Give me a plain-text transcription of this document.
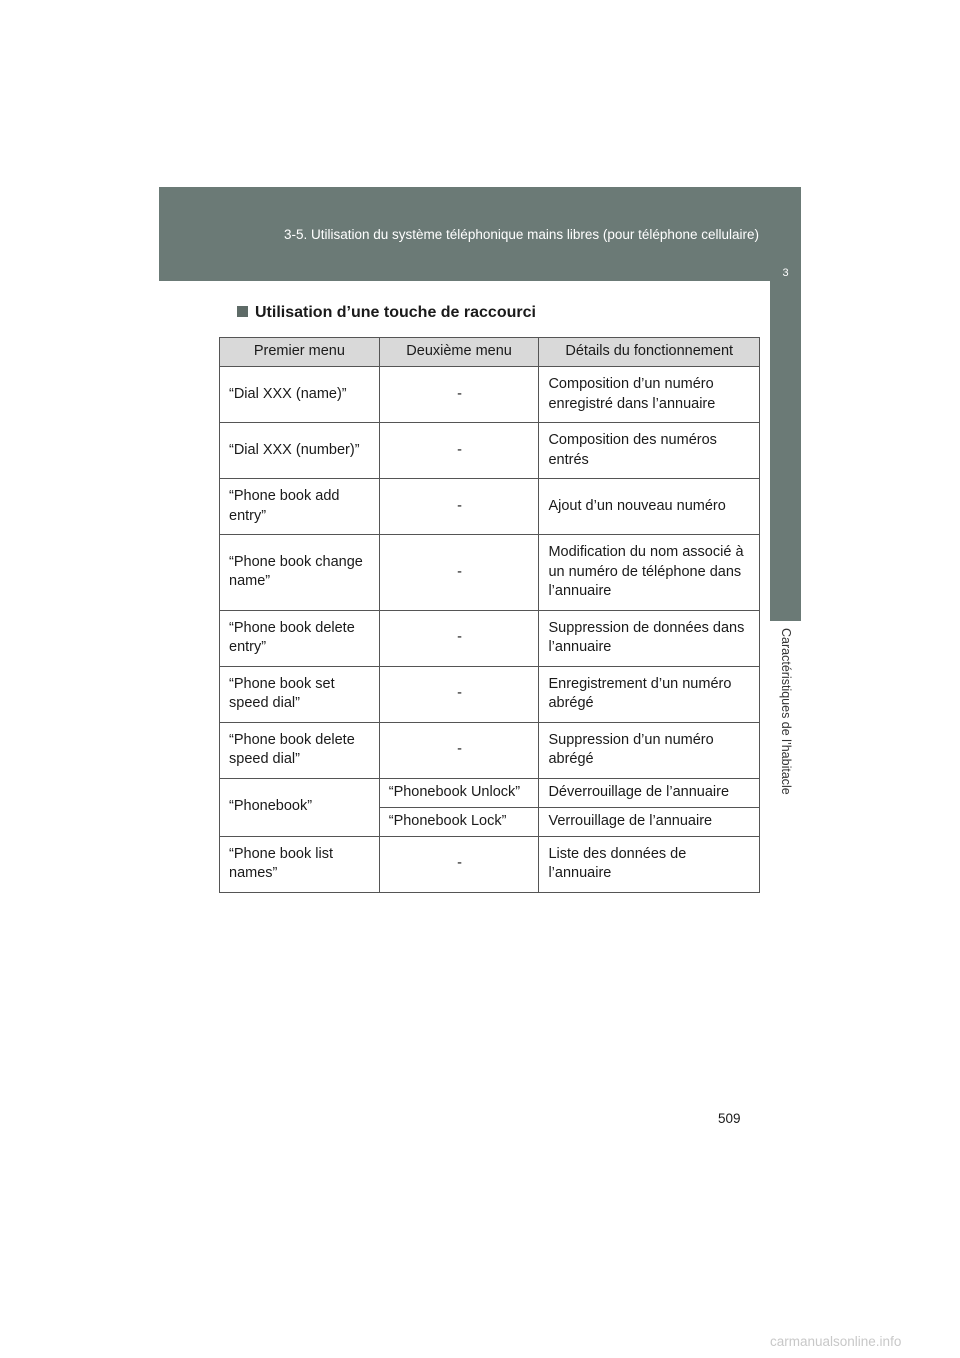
3-5. Utilisation du système téléphonique mains libres (pour téléphone cellulaire)
3
Caractéristiques de l’habitacle
Utilisation d’une touche de raccourci
Premier menu	Deuxième menu	Détails du fonctionnement
“Dial XXX (name)”	-	Composition d’un numéro enregistré dans l’annuaire
“Dial XXX (number)”	-	Composition des numéros entrés
“Phone book add entry”	-	Ajout d’un nouveau numéro
“Phone book change name”	-	Modification du nom associé à un numéro de téléphone dans l’annuaire
“Phone book delete entry”	-	Suppression de données dans l’annuaire
“Phone book set speed dial”	-	Enregistrement d’un numéro abrégé
“Phone book delete speed dial”	-	Suppression d’un numéro abrégé
“Phonebook”	“Phonebook Unlock”	Déverrouillage de l’annuaire
	“Phonebook Lock”	Verrouillage de l’annuaire
“Phone book list names”	-	Liste des données de l’annuaire
509
carmanualsonline.info
